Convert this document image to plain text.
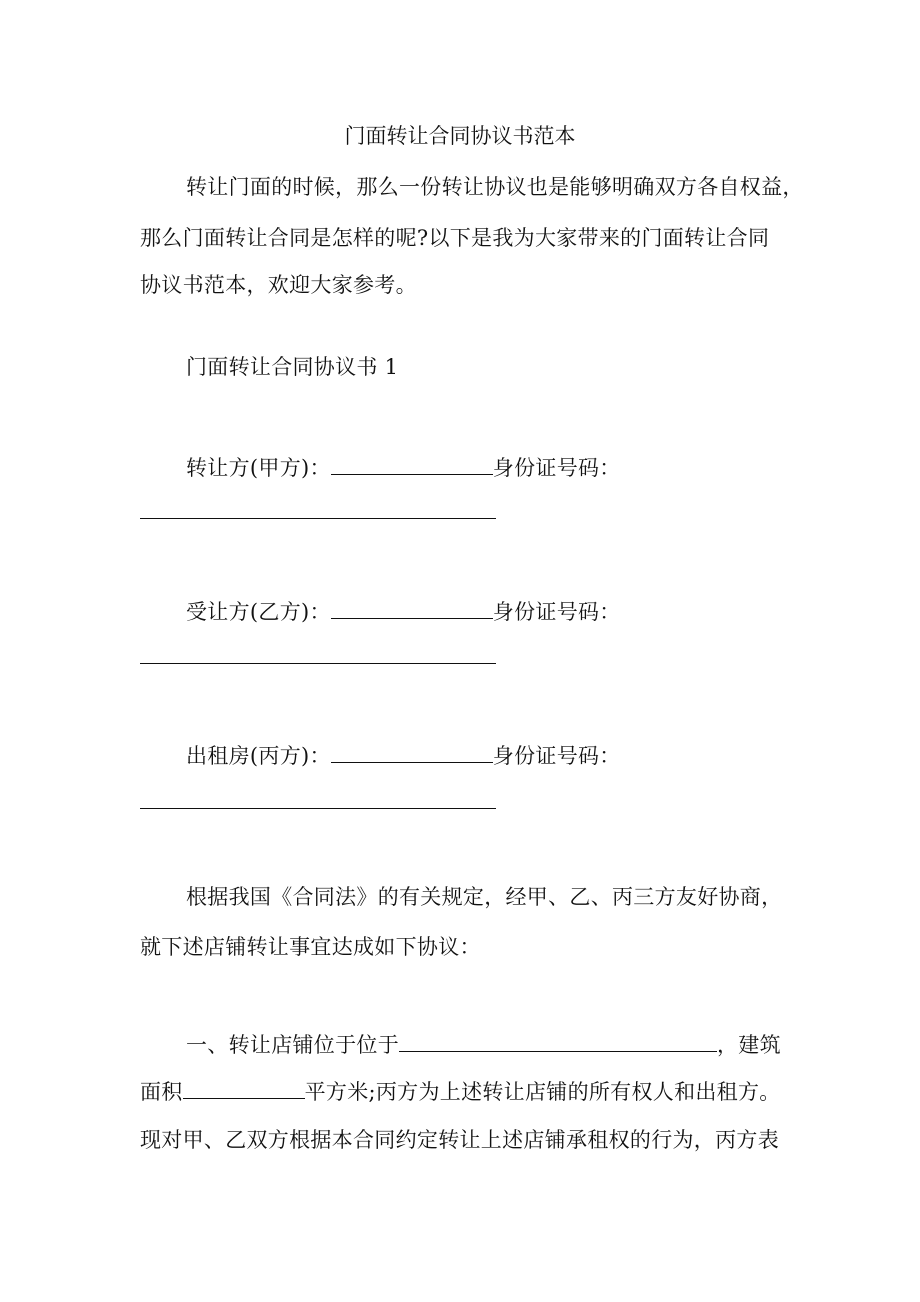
门面转让合同协议书范本
转让门面的时候，那么一份转让协议也是能够明确双方各自权益，
那么门面转让合同是怎样的呢?以下是我为大家带来的门面转让合同
协议书范本，欢迎大家参考。
门面转让合同协议书 1
转让方(甲方)：	身份证号码：
受让方(乙方)：	身份证号码：
出租房(丙方)：	身份证号码：
根据我国《合同法》的有关规定，经甲、乙、丙三方友好协商，
就下述店铺转让事宜达成如下协议：
一、转让店铺位于位于	，建筑
面积	平方米;丙方为上述转让店铺的所有权人和出租方。
现对甲、乙双方根据本合同约定转让上述店铺承租权的行为，丙方表
